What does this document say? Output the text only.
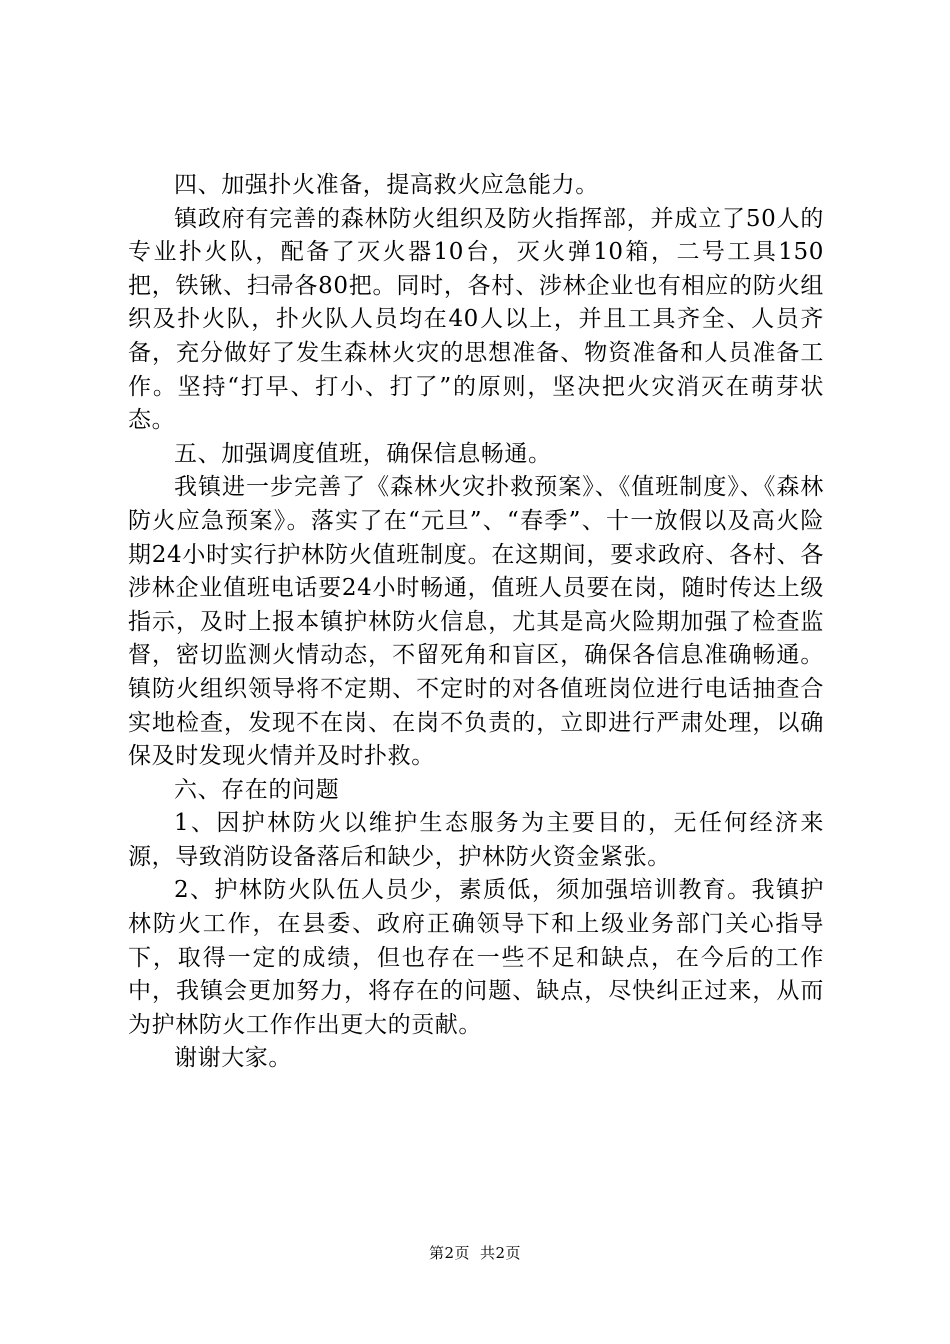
四、加强扑火准备，提高救火应急能力。

镇政府有完善的森林防火组织及防火指挥部，并成立了50人的专业扑火队，配备了灭火器10台，灭火弹10箱，二号工具150把，铁锹、扫帚各80把。同时，各村、涉林企业也有相应的防火组织及扑火队，扑火队人员均在40人以上，并且工具齐全、人员齐备，充分做好了发生森林火灾的思想准备、物资准备和人员准备工作。坚持“打早、打小、打了”的原则，坚决把火灾消灭在萌芽状态。

五、加强调度值班，确保信息畅通。

我镇进一步完善了《森林火灾扑救预案》、《值班制度》、《森林防火应急预案》。落实了在“元旦”、“春季”、十一放假以及高火险期24小时实行护林防火值班制度。在这期间，要求政府、各村、各涉林企业值班电话要24小时畅通，值班人员要在岗，随时传达上级指示，及时上报本镇护林防火信息，尤其是高火险期加强了检查监督，密切监测火情动态，不留死角和盲区，确保各信息准确畅通。镇防火组织领导将不定期、不定时的对各值班岗位进行电话抽查合实地检查，发现不在岗、在岗不负责的，立即进行严肃处理，以确保及时发现火情并及时扑救。

六、存在的问题

1、因护林防火以维护生态服务为主要目的，无任何经济来源，导致消防设备落后和缺少，护林防火资金紧张。

2、护林防火队伍人员少，素质低，须加强培训教育。我镇护林防火工作，在县委、政府正确领导下和上级业务部门关心指导下，取得一定的成绩，但也存在一些不足和缺点，在今后的工作中，我镇会更加努力，将存在的问题、缺点，尽快纠正过来，从而为护林防火工作作出更大的贡献。

谢谢大家。

第2页 共2页
